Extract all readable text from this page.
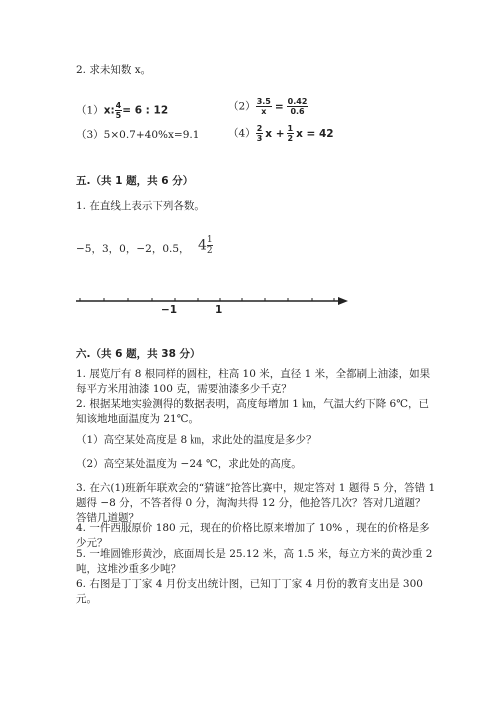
2. 求未知数 x。
（1）x: $\frac{4}{5} = 6$ : 12	$(2) \frac{3.5}{x} = \frac{0.42}{0.6}$
（3）5×0.7+40%x=9.1	$(4) \frac{2}{3}$ $x + \frac{1}{2}$ x = 42
五.（共 1 题，共 6 分）
1. 在直线上表示下列各数。
−5，3，0，−2，0.5， $4 \frac{1}{2}$
−1	1
六.（共 6 题，共 38 分）
1. 展览厅有 8 根同样的圆柱，柱高 10 米，直径 1 米，全都刷上油漆，如果每平方米用油漆 100 克，需要油漆多少千克？
2. 根据某地实验测得的数据表明，高度每增加 1 ㎞，气温大约下降 6℃，已知该地地面温度为 21℃。
（1）高空某处高度是 8 ㎞，求此处的温度是多少？
（2）高空某处温度为 −24 ℃，求此处的高度。
3. 在六(1)班新年联欢会的“猜谜”抢答比赛中，规定答对 1 题得 5 分，答错 1 题得 −8 分，不答者得 0 分，淘淘共得 12 分，他抢答几次？答对几道题？答错几道题？
4. 一件西服原价 180 元，现在的价格比原来增加了 10% ，现在的价格是多少元？
5. 一堆圆锥形黄沙，底面周长是 25.12 米，高 1.5 米，每立方米的黄沙重 2 吨，这堆沙重多少吨？
6. 右图是丁丁家 4 月份支出统计图，已知丁丁家 4 月份的教育支出是 300 元。
